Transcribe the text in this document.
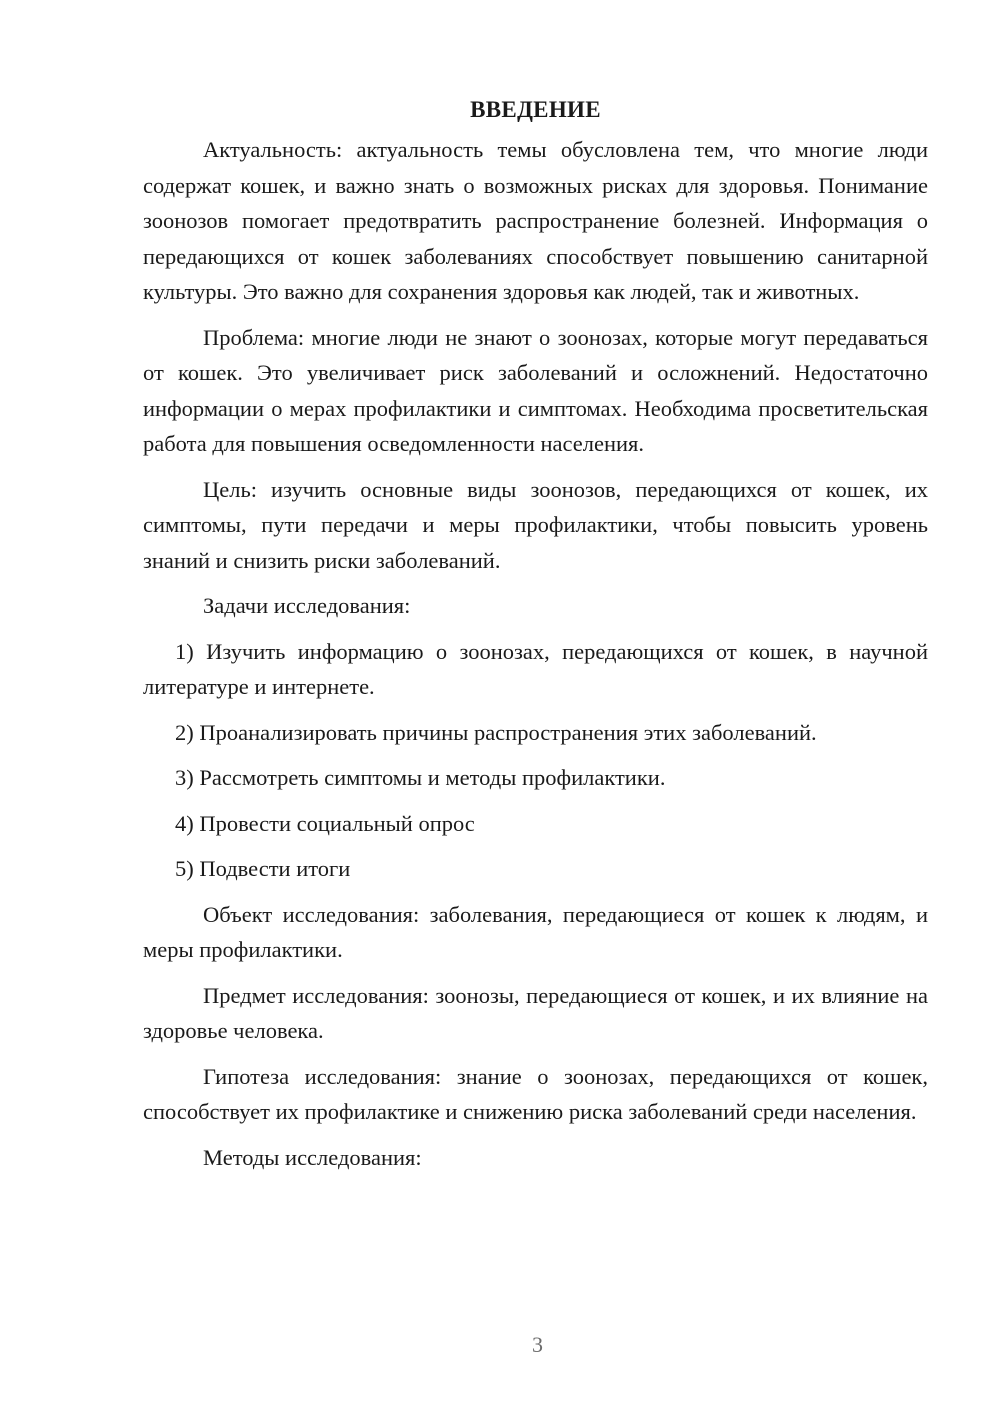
ВВЕДЕНИЕ

Актуальность: актуальность темы обусловлена тем, что многие люди содержат кошек, и важно знать о возможных рисках для здоровья. Понимание зоонозов помогает предотвратить распространение болезней. Информация о передающихся от кошек заболеваниях способствует повышению санитарной культуры. Это важно для сохранения здоровья как людей, так и животных.

Проблема: многие люди не знают о зоонозах, которые могут передаваться от кошек. Это увеличивает риск заболеваний и осложнений. Недостаточно информации о мерах профилактики и симптомах. Необходима просветительская работа для повышения осведомленности населения.

Цель: изучить основные виды зоонозов, передающихся от кошек, их симптомы, пути передачи и меры профилактики, чтобы повысить уровень знаний и снизить риски заболеваний.

Задачи исследования:

1) Изучить информацию о зоонозах, передающихся от кошек, в научной литературе и интернете.

2) Проанализировать причины распространения этих заболеваний.

3) Рассмотреть симптомы и методы профилактики.

4) Провести социальный опрос

5) Подвести итоги

Объект исследования: заболевания, передающиеся от кошек к людям, и меры профилактики.

Предмет исследования: зоонозы, передающиеся от кошек, и их влияние на здоровье человека.

Гипотеза исследования: знание о зоонозах, передающихся от кошек, способствует их профилактике и снижению риска заболеваний среди населения.

Методы исследования:

3
